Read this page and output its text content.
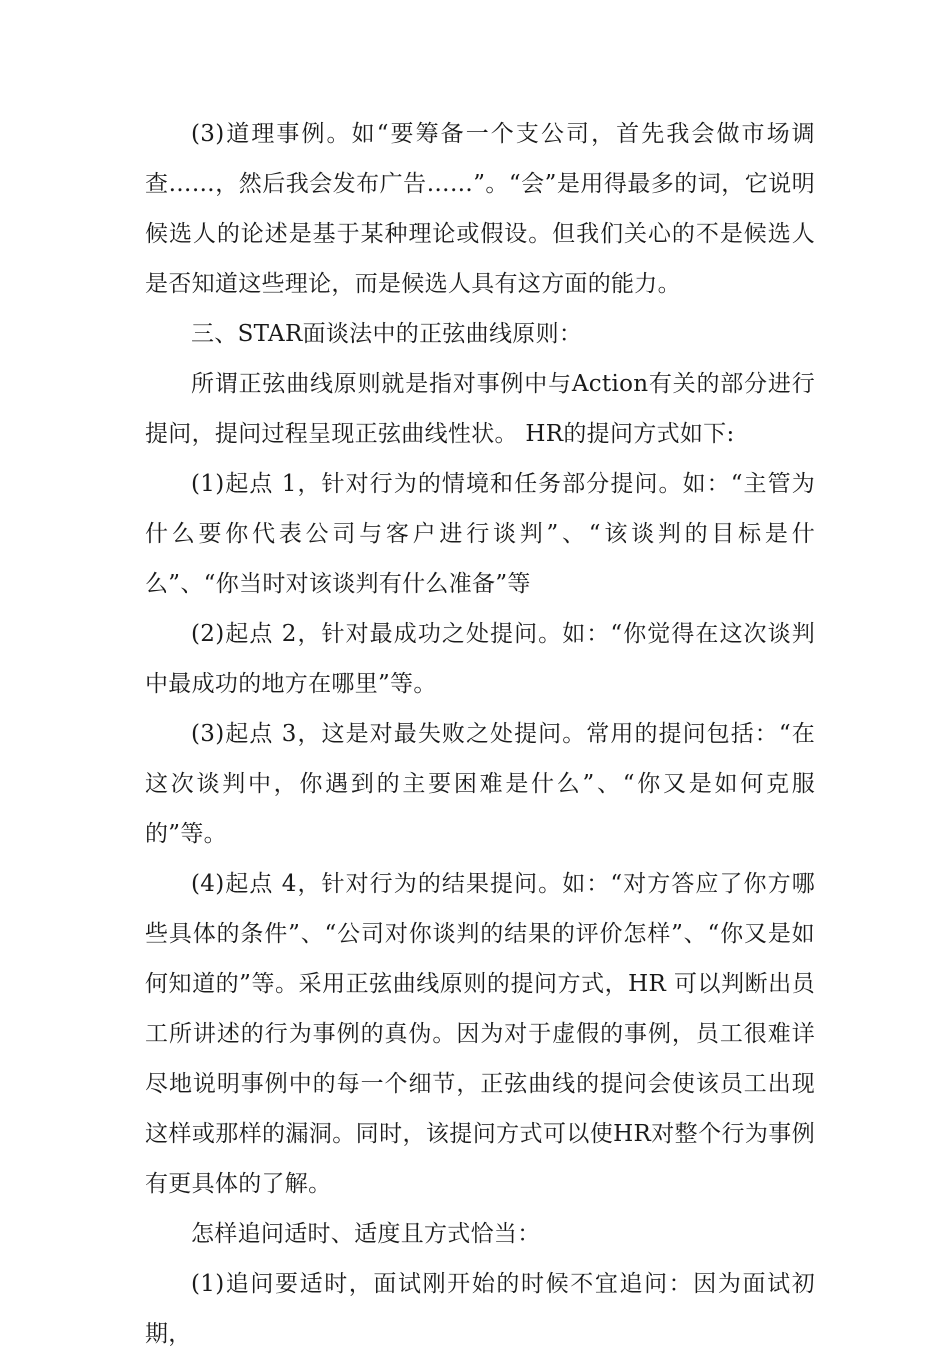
(3)道理事例。如“要筹备一个支公司，首先我会做市场调查……，然后我会发布广告……”。“会”是用得最多的词，它说明候选人的论述是基于某种理论或假设。但我们关心的不是候选人是否知道这些理论，而是候选人具有这方面的能力。

三、STAR面谈法中的正弦曲线原则：

所谓正弦曲线原则就是指对事例中与Action有关的部分进行提问，提问过程呈现正弦曲线性状。 HR的提问方式如下:

(1)起点 1，针对行为的情境和任务部分提问。如：“主管为什么要你代表公司与客户进行谈判”、“该谈判的目标是什么”、“你当时对该谈判有什么准备”等

(2)起点 2，针对最成功之处提问。如：“你觉得在这次谈判中最成功的地方在哪里”等。

(3)起点 3，这是对最失败之处提问。常用的提问包括：“在这次谈判中，你遇到的主要困难是什么”、“你又是如何克服的”等。

(4)起点 4，针对行为的结果提问。如：“对方答应了你方哪些具体的条件”、“公司对你谈判的结果的评价怎样”、“你又是如何知道的”等。采用正弦曲线原则的提问方式，HR 可以判断出员工所讲述的行为事例的真伪。因为对于虚假的事例，员工很难详尽地说明事例中的每一个细节，正弦曲线的提问会使该员工出现这样或那样的漏洞。同时，该提问方式可以使HR对整个行为事例有更具体的了解。

怎样追问适时、适度且方式恰当：

(1)追问要适时，面试刚开始的时候不宜追问：因为面试初期，
